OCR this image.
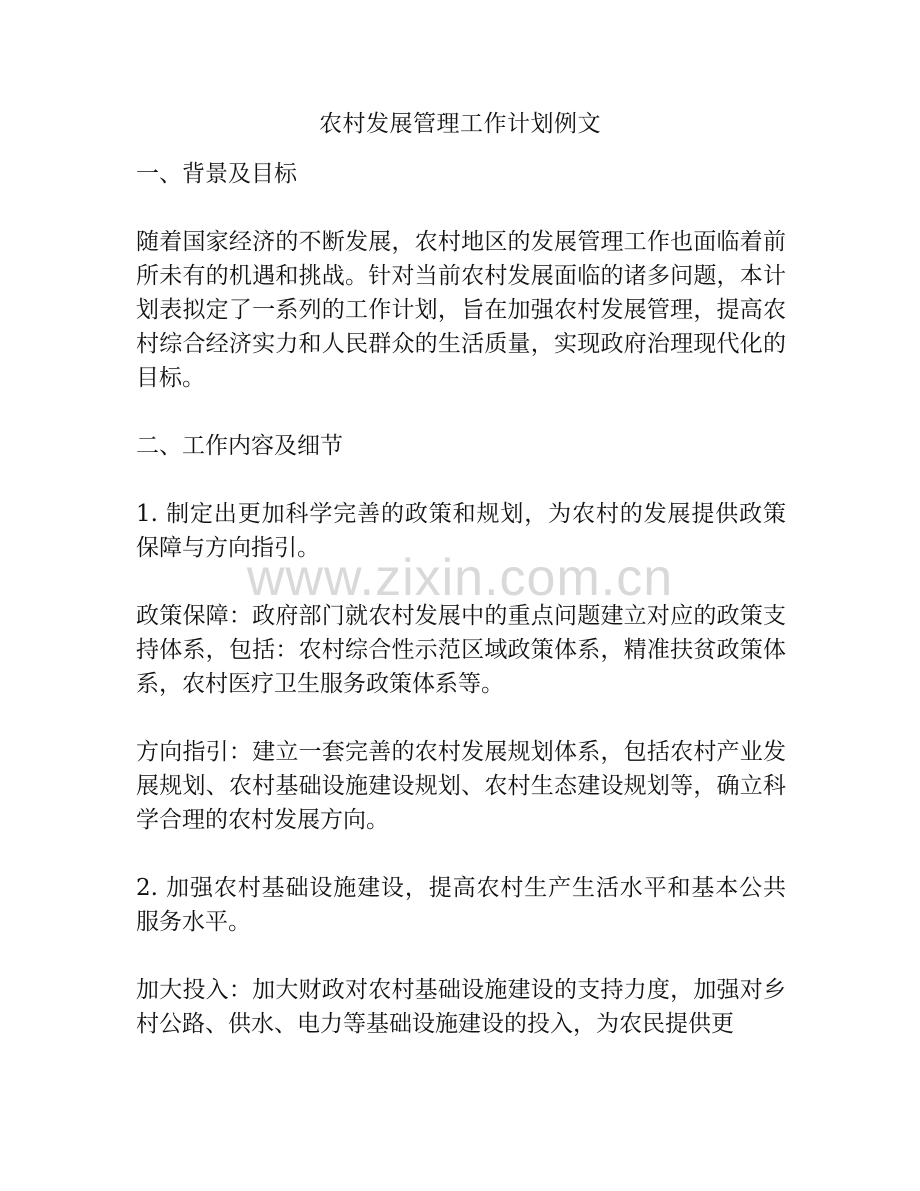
农村发展管理工作计划例文
一、背景及目标

随着国家经济的不断发展，农村地区的发展管理工作也面临着前所未有的机遇和挑战。针对当前农村发展面临的诸多问题，本计划表拟定了一系列的工作计划，旨在加强农村发展管理，提高农村综合经济实力和人民群众的生活质量，实现政府治理现代化的目标。

二、工作内容及细节

1. 制定出更加科学完善的政策和规划，为农村的发展提供政策保障与方向指引。

政策保障：政府部门就农村发展中的重点问题建立对应的政策支持体系，包括：农村综合性示范区域政策体系，精准扶贫政策体系，农村医疗卫生服务政策体系等。

方向指引：建立一套完善的农村发展规划体系，包括农村产业发展规划、农村基础设施建设规划、农村生态建设规划等，确立科学合理的农村发展方向。

2. 加强农村基础设施建设，提高农村生产生活水平和基本公共服务水平。

加大投入：加大财政对农村基础设施建设的支持力度，加强对乡村公路、供水、电力等基础设施建设的投入，为农民提供更

www.zixin.com.cn
